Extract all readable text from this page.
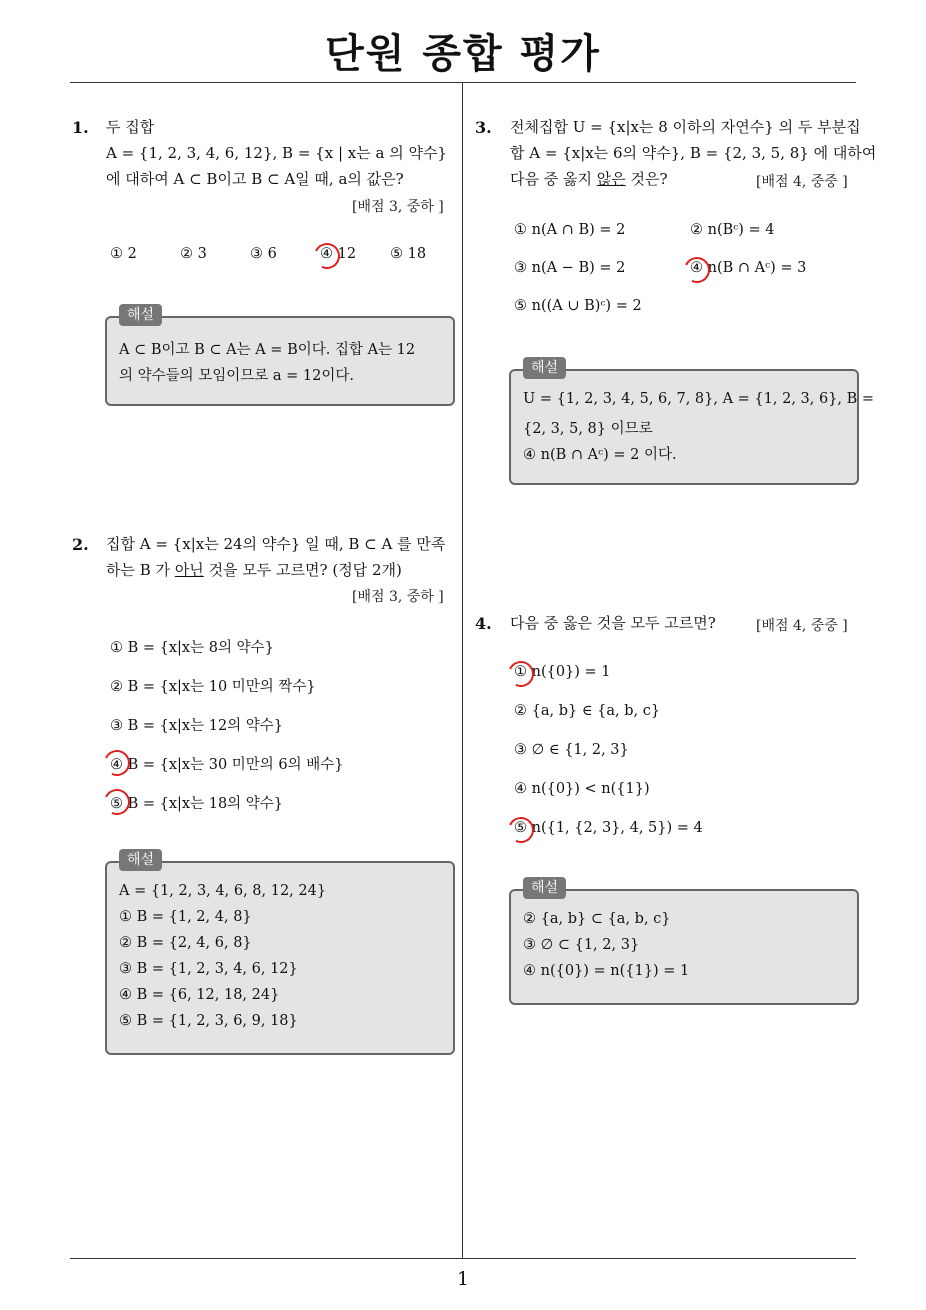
단원 종합 평가
1
1. 두 집합
A = {1, 2, 3, 4, 6, 12}, B = {x | x는 a 의 약수}
에 대하여 A ⊂ B이고 B ⊂ A일 때, a의 값은?
[배점 3, 중하 ]
① 2	② 3	③ 6	④ 12 ⑤ 18
A ⊂ B이고 B ⊂ A는 A = B이다. 집합 A는 12
의 약수들의 모임이므로 a = 12이다.
해설
2. 집합 A = {x|x는 24의 약수} 일 때, B ⊂ A 를 만족
하는 B 가 아닌 것을 모두 고르면? (정답 2개)
[배점 3, 중하 ]
① B = {x|x는 8의 약수}
② B = {x|x는 10 미만의 짝수}
③ B = {x|x는 12의 약수}
④ B = {x|x는 30 미만의 6의 배수}
⑤ B = {x|x는 18의 약수}
A = {1, 2, 3, 4, 6, 8, 12, 24}
① B = {1, 2, 4, 8}
② B = {2, 4, 6, 8}
③ B = {1, 2, 3, 4, 6, 12}
④ B = {6, 12, 18, 24}
⑤ B = {1, 2, 3, 6, 9, 18}
해설
3. 전체집합 U = {x|x는 8 이하의 자연수} 의 두 부분집
합 A = {x|x는 6의 약수}, B = {2, 3, 5, 8} 에 대하여
다음 중 옳지 않은 것은?	[배점 4, 중중 ]
① n(A ∩ B) = 2	② n(Bᶜ) = 4
③ n(A − B) = 2	④ n(B ∩ Aᶜ) = 3
⑤ n((A ∪ B)ᶜ) = 2
U = {1, 2, 3, 4, 5, 6, 7, 8}, A = {1, 2, 3, 6}, B =
{2, 3, 5, 8} 이므로
④ n(B ∩ Aᶜ) = 2 이다.
해설
4. 다음 중 옳은 것을 모두 고르면?	[배점 4, 중중 ]
① n({0}) = 1
② {a, b} ∈ {a, b, c}
③ ∅ ∈ {1, 2, 3}
④ n({0}) < n({1})
⑤ n({1, {2, 3}, 4, 5}) = 4
② {a, b} ⊂ {a, b, c}
③ ∅ ⊂ {1, 2, 3}
④ n({0}) = n({1}) = 1
해설
